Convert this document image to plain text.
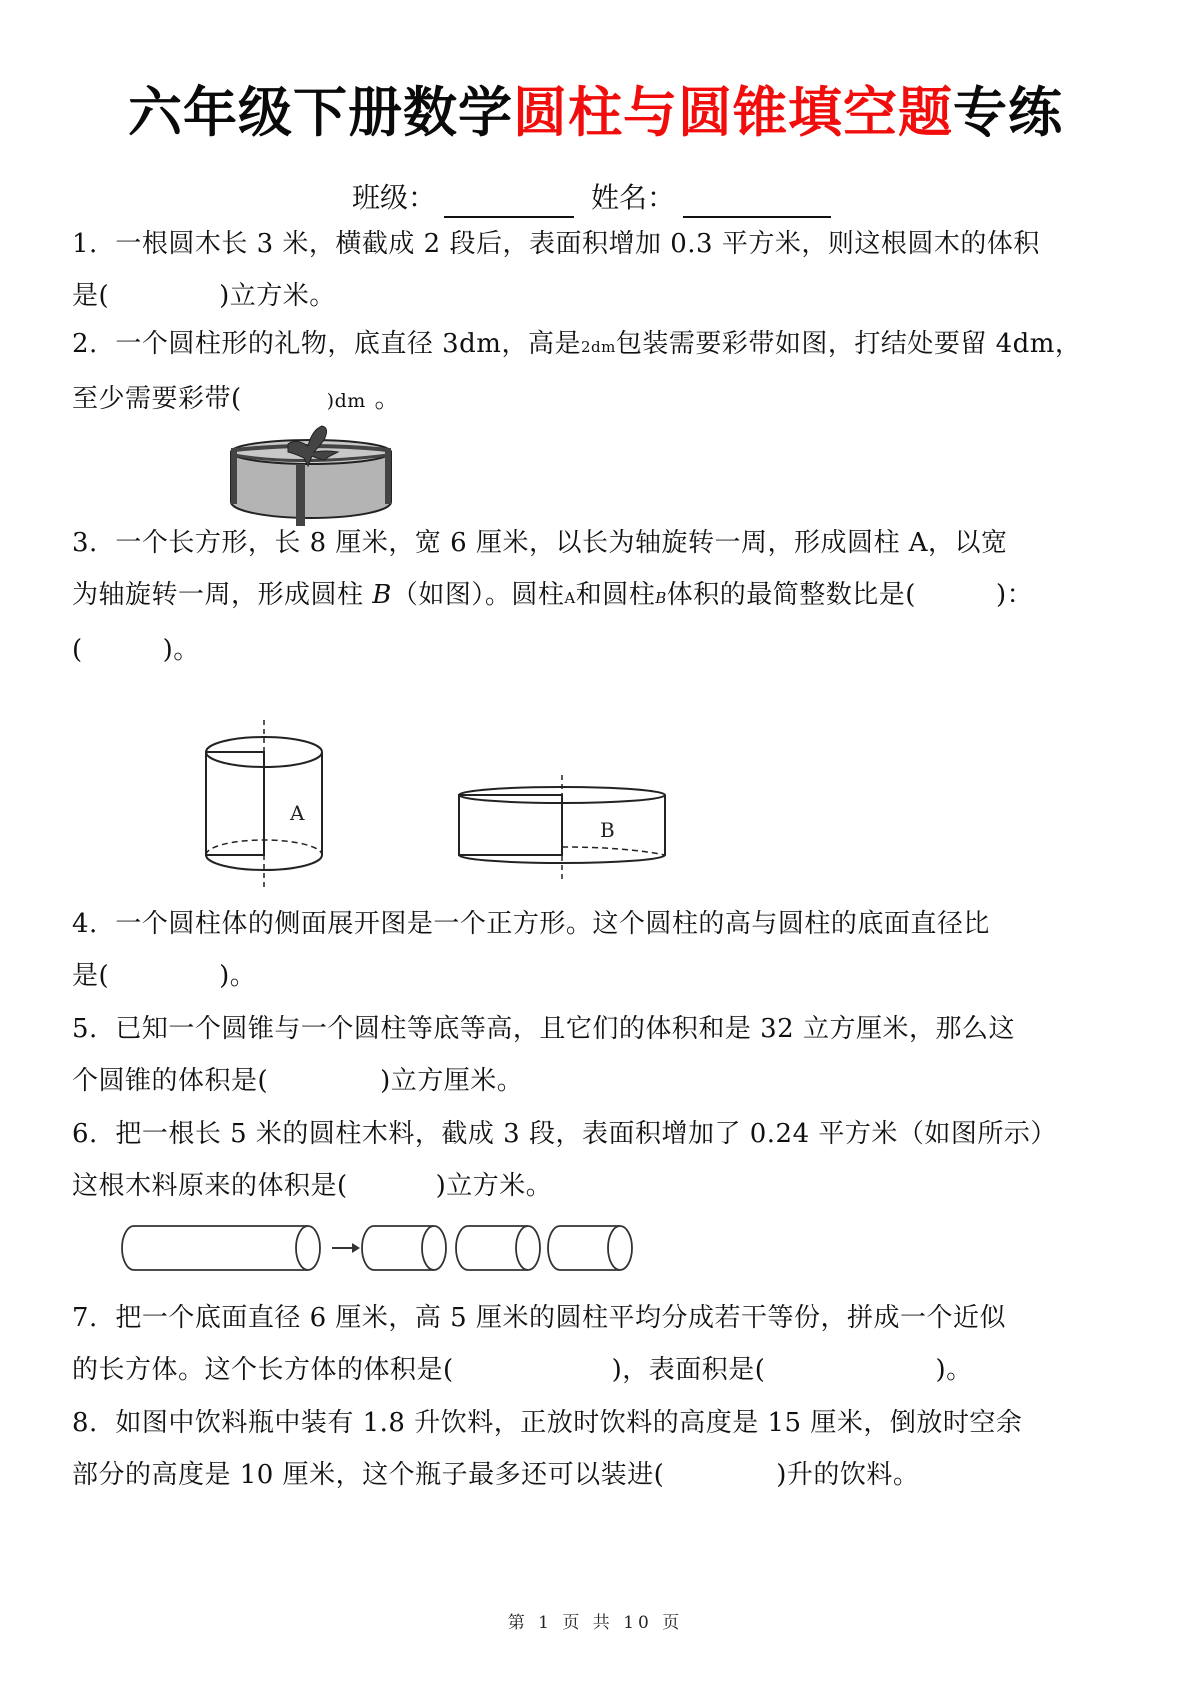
六年级下册数学圆柱与圆锥填空题专练
班级：	姓名：
1. 一根圆木长 3 米，横截成 2 段后，表面积增加 0.3 平方米，则这根圆木的体积
是(	)立方米。
2. 一个圆柱形的礼物，底直径 3dm，高是2dm包装需要彩带如图，打结处要留 4dm，
至少需要彩带(	)dm 。
3. 一个长方形，长 8 厘米，宽 6 厘米，以长为轴旋转一周，形成圆柱 A，以宽
为轴旋转一周，形成圆柱 B（如图）。圆柱A和圆柱B体积的最简整数比是(	)：
(	)。
A
B
4. 一个圆柱体的侧面展开图是一个正方形。这个圆柱的高与圆柱的底面直径比
是(	)。
5. 已知一个圆锥与一个圆柱等底等高，且它们的体积和是 32 立方厘米，那么这
个圆锥的体积是(	)立方厘米。
6. 把一根长 5 米的圆柱木料，截成 3 段，表面积增加了 0.24 平方米（如图所示）
这根木料原来的体积是(	)立方米。
7. 把一个底面直径 6 厘米，高 5 厘米的圆柱平均分成若干等份，拼成一个近似
的长方体。这个长方体的体积是(	)，表面积是(	)。
8. 如图中饮料瓶中装有 1.8 升饮料，正放时饮料的高度是 15 厘米，倒放时空余
部分的高度是 10 厘米，这个瓶子最多还可以装进(	)升的饮料。
第 1 页 共 10 页
